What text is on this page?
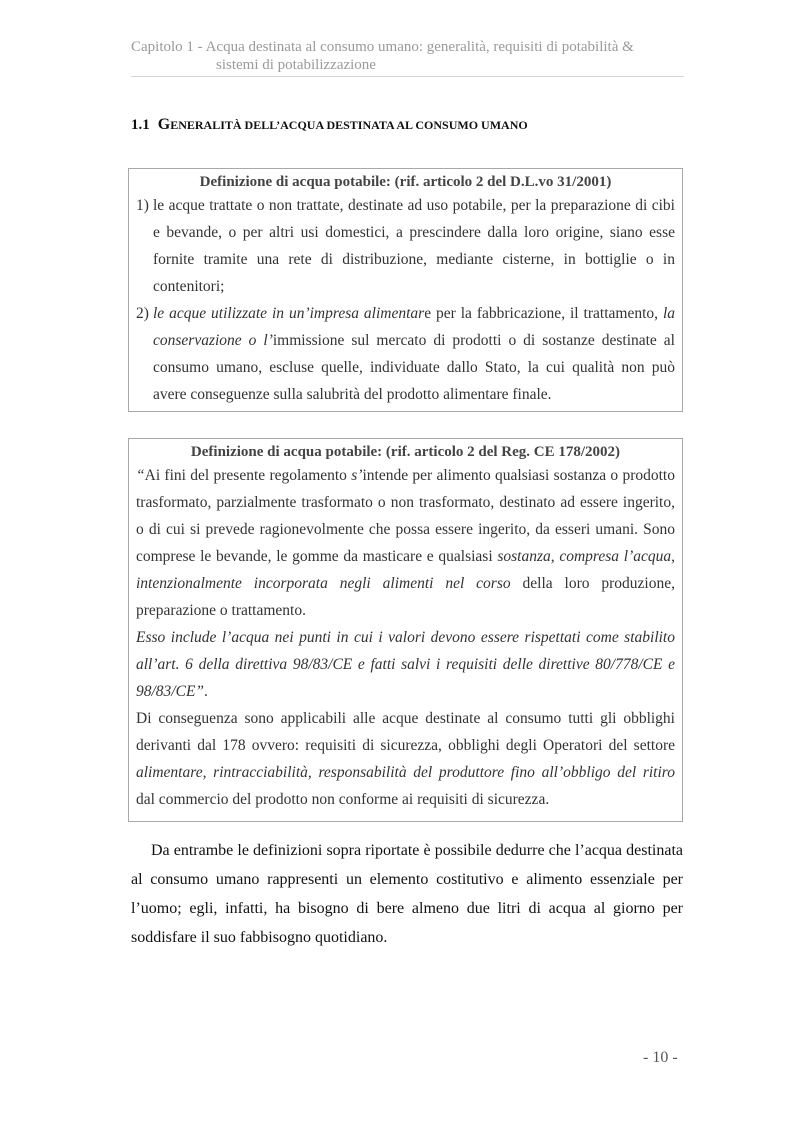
Capitolo 1 - Acqua destinata al consumo umano: generalità, requisiti di potabilità &
sistemi di potabilizzazione
1.1 GENERALITÀ DELL’ACQUA DESTINATA AL CONSUMO UMANO
Definizione di acqua potabile: (rif. articolo 2 del D.L.vo 31/2001)
1) le acque trattate o non trattate, destinate ad uso potabile, per la preparazione di cibi e bevande, o per altri usi domestici, a prescindere dalla loro origine, siano esse fornite tramite una rete di distribuzione, mediante cisterne, in bottiglie o in contenitori;
2) le acque utilizzate in un’impresa alimentare per la fabbricazione, il trattamento, la conservazione o l’immissione sul mercato di prodotti o di sostanze destinate al consumo umano, escluse quelle, individuate dallo Stato, la cui qualità non può avere conseguenze sulla salubrità del prodotto alimentare finale.
Definizione di acqua potabile: (rif. articolo 2 del Reg. CE 178/2002)
“Ai fini del presente regolamento s’intende per alimento qualsiasi sostanza o prodotto trasformato, parzialmente trasformato o non trasformato, destinato ad essere ingerito, o di cui si prevede ragionevolmente che possa essere ingerito, da esseri umani. Sono comprese le bevande, le gomme da masticare e qualsiasi sostanza, compresa l’acqua, intenzionalmente incorporata negli alimenti nel corso della loro produzione, preparazione o trattamento.
Esso include l’acqua nei punti in cui i valori devono essere rispettati come stabilito all’art. 6 della direttiva 98/83/CE e fatti salvi i requisiti delle direttive 80/778/CE e 98/83/CE”.
Di conseguenza sono applicabili alle acque destinate al consumo tutti gli obblighi derivanti dal 178 ovvero: requisiti di sicurezza, obblighi degli Operatori del settore alimentare, rintracciabilità, responsabilità del produttore fino all’obbligo del ritiro dal commercio del prodotto non conforme ai requisiti di sicurezza.
Da entrambe le definizioni sopra riportate è possibile dedurre che l’acqua destinata al consumo umano rappresenti un elemento costitutivo e alimento essenziale per l’uomo; egli, infatti, ha bisogno di bere almeno due litri di acqua al giorno per soddisfare il suo fabbisogno quotidiano.
- 10 -
